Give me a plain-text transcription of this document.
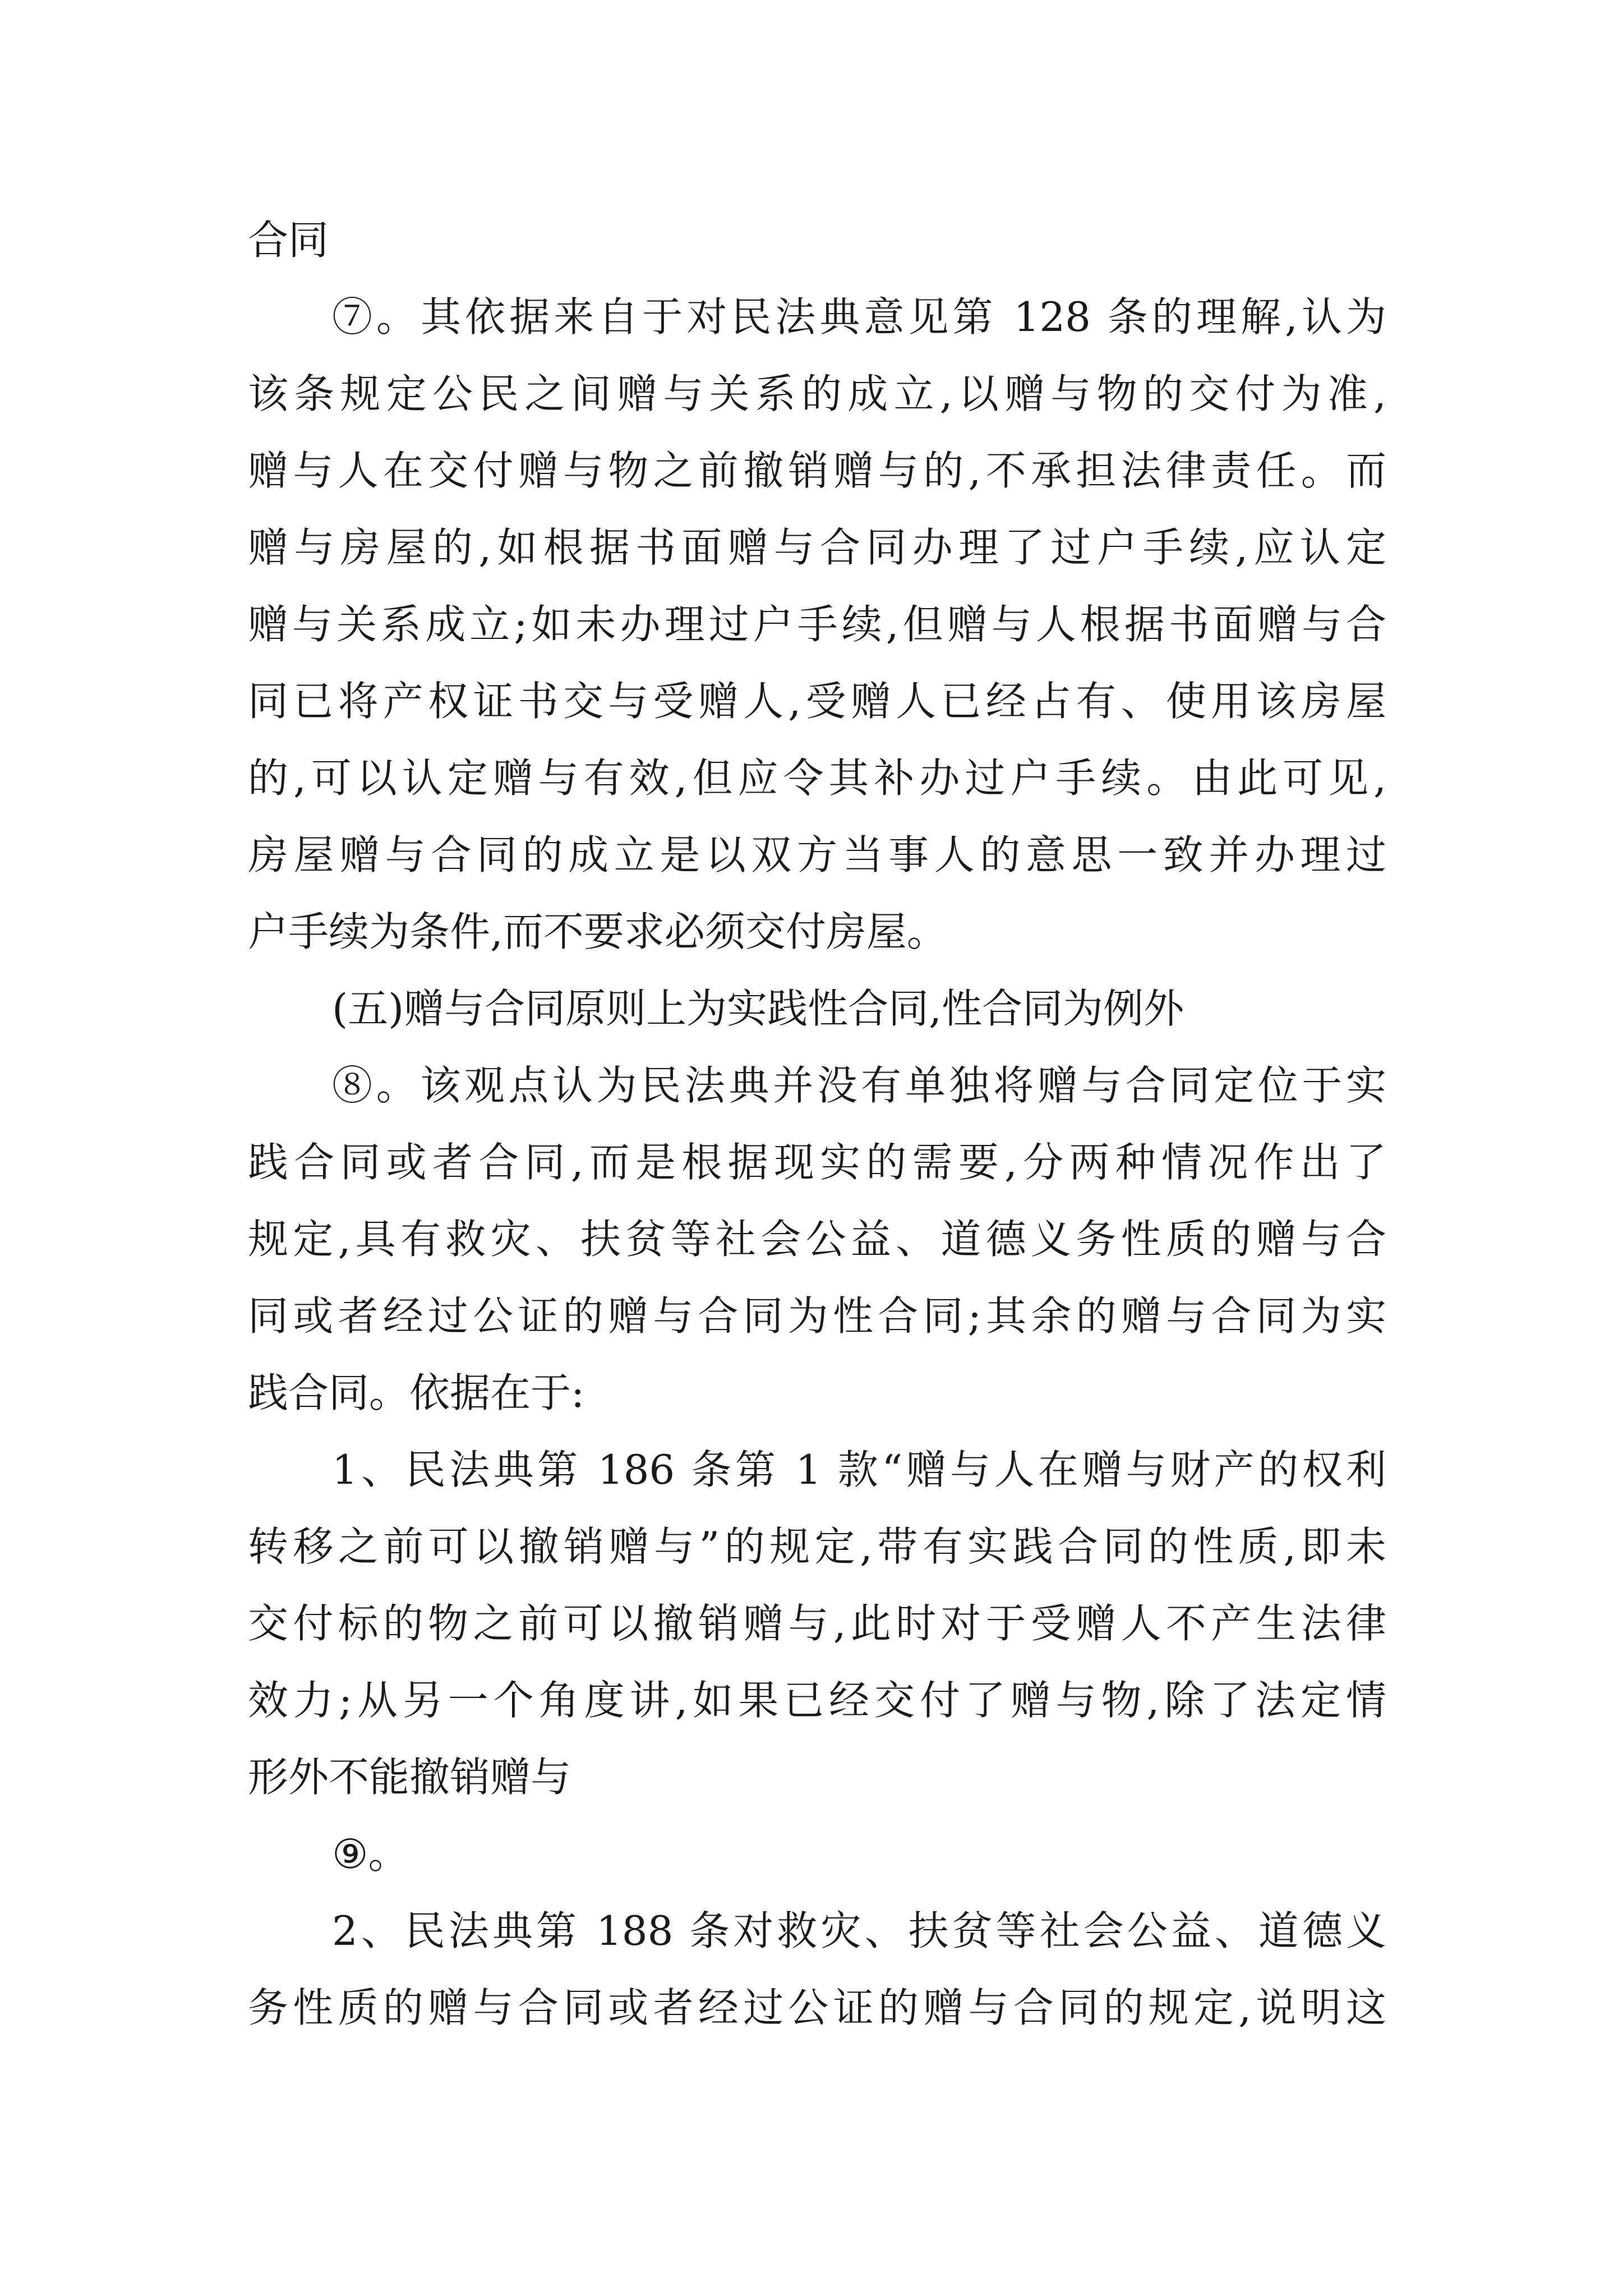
合同
⑦。其依据来自于对民法典意见第 128 条的理解,认为
该条规定公民之间赠与关系的成立,以赠与物的交付为准,
赠与人在交付赠与物之前撤销赠与的,不承担法律责任。而
赠与房屋的,如根据书面赠与合同办理了过户手续,应认定
赠与关系成立;如未办理过户手续,但赠与人根据书面赠与合
同已将产权证书交与受赠人,受赠人已经占有、使用该房屋
的,可以认定赠与有效,但应令其补办过户手续。由此可见,
房屋赠与合同的成立是以双方当事人的意思一致并办理过
户手续为条件,而不要求必须交付房屋。
(五)赠与合同原则上为实践性合同,性合同为例外
⑧。该观点认为民法典并没有单独将赠与合同定位于实
践合同或者合同,而是根据现实的需要,分两种情况作出了
规定,具有救灾、扶贫等社会公益、道德义务性质的赠与合
同或者经过公证的赠与合同为性合同;其余的赠与合同为实
践合同。依据在于:
1、民法典第 186 条第 1 款“赠与人在赠与财产的权利
转移之前可以撤销赠与”的规定,带有实践合同的性质,即未
交付标的物之前可以撤销赠与,此时对于受赠人不产生法律
效力;从另一个角度讲,如果已经交付了赠与物,除了法定情
形外不能撤销赠与
⑨。
2、民法典第 188 条对救灾、扶贫等社会公益、道德义
务性质的赠与合同或者经过公证的赠与合同的规定,说明这
